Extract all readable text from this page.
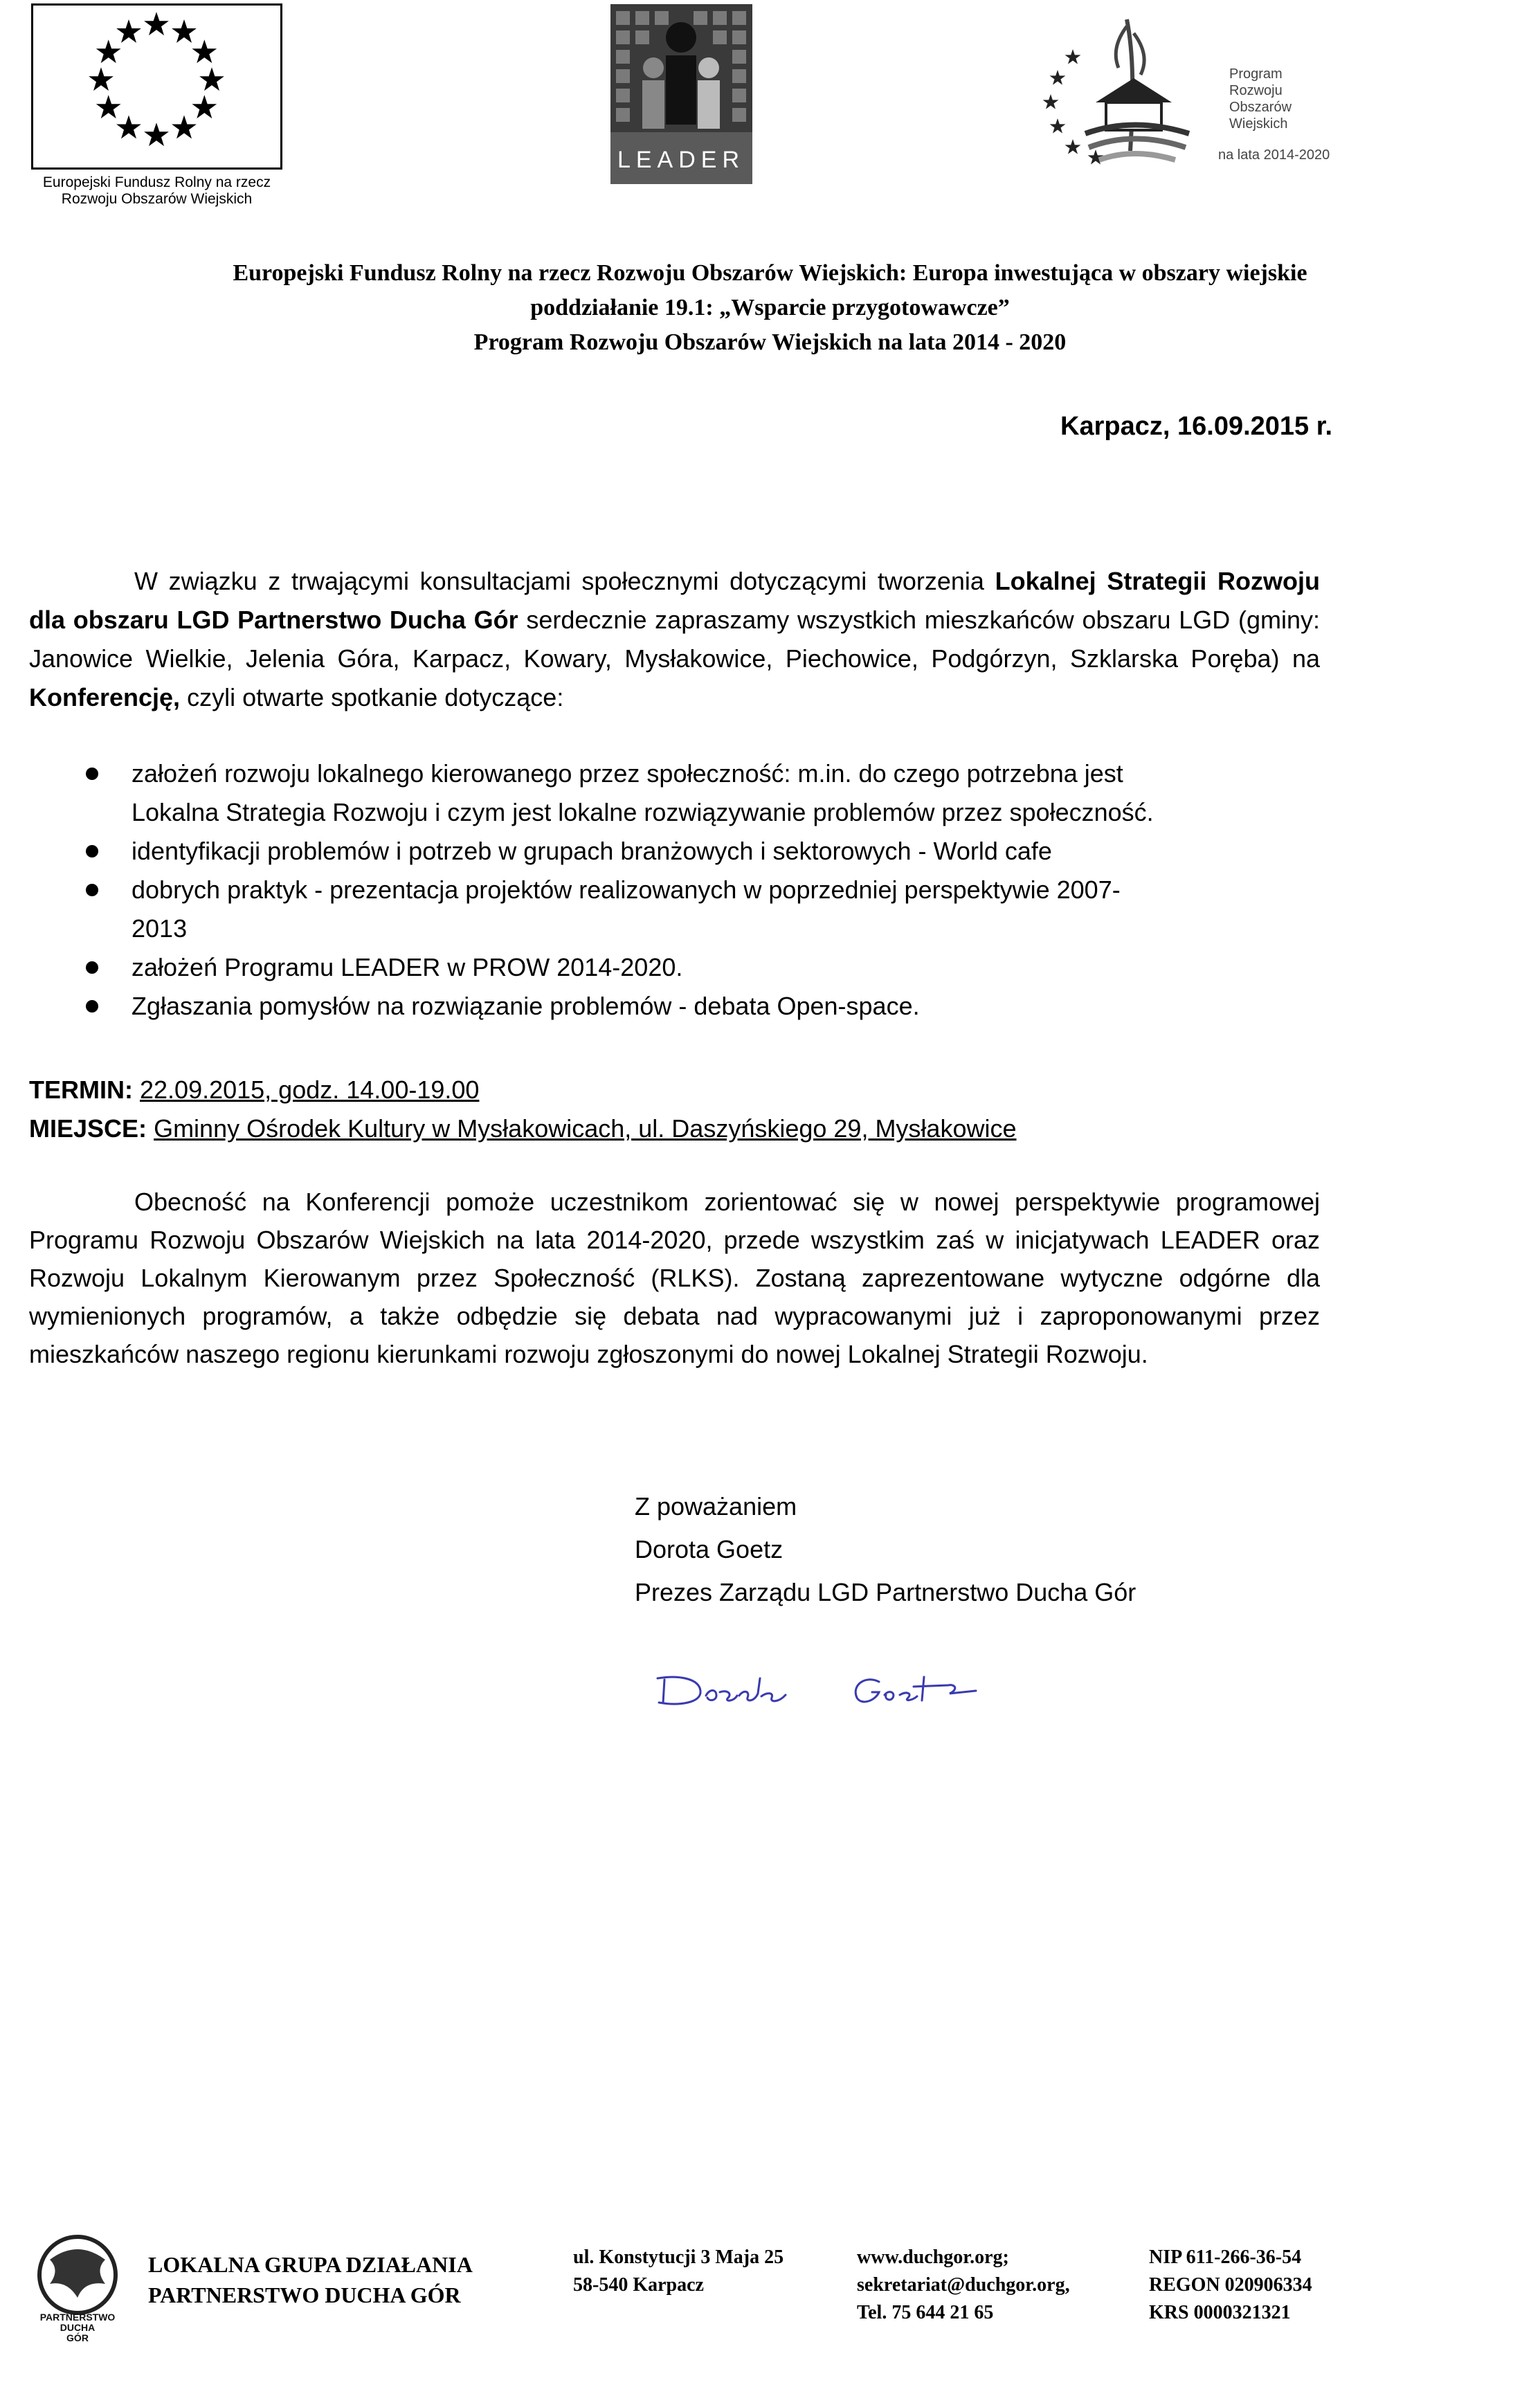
Europejski Fundusz Rolny na rzecz
Rozwoju Obszarów Wiejskich
LEADER
Program
Rozwoju
Obszarów
Wiejskich
na lata 2014-2020
Europejski Fundusz Rolny na rzecz Rozwoju Obszarów Wiejskich: Europa inwestująca w obszary wiejskie
poddziałanie 19.1: „Wsparcie przygotowawcze”
Program Rozwoju Obszarów Wiejskich na lata 2014 - 2020
Karpacz, 16.09.2015 r.
W związku z trwającymi konsultacjami społecznymi dotyczącymi tworzenia Lokalnej Strategii Rozwoju dla obszaru LGD Partnerstwo Ducha Gór serdecznie zapraszamy wszystkich mieszkańców obszaru LGD (gminy: Janowice Wielkie, Jelenia Góra, Karpacz, Kowary, Mysłakowice, Piechowice, Podgórzyn, Szklarska Poręba) na Konferencję, czyli otwarte spotkanie dotyczące:
założeń rozwoju lokalnego kierowanego przez społeczność: m.in. do czego potrzebna jest
Lokalna Strategia Rozwoju i czym jest lokalne rozwiązywanie problemów przez społeczność.
identyfikacji problemów i potrzeb w grupach branżowych i sektorowych - World cafe
dobrych praktyk - prezentacja projektów realizowanych w poprzedniej perspektywie 2007-
2013
założeń Programu LEADER w PROW 2014-2020.
Zgłaszania pomysłów na rozwiązanie problemów - debata Open-space.
TERMIN: 22.09.2015, godz. 14.00-19.00
MIEJSCE: Gminny Ośrodek Kultury w Mysłakowicach, ul. Daszyńskiego 29, Mysłakowice
Obecność na Konferencji pomoże uczestnikom zorientować się w nowej perspektywie programowej Programu Rozwoju Obszarów Wiejskich na lata 2014-2020, przede wszystkim zaś w inicjatywach LEADER oraz Rozwoju Lokalnym Kierowanym przez Społeczność (RLKS). Zostaną zaprezentowane wytyczne odgórne dla wymienionych programów, a także odbędzie się debata nad wypracowanymi już i zaproponowanymi przez mieszkańców naszego regionu kierunkami rozwoju zgłoszonymi do nowej Lokalnej Strategii Rozwoju.
Z poważaniem
Dorota Goetz
Prezes Zarządu LGD Partnerstwo Ducha Gór
PARTNERSTWO
DUCHA
GÓR
LOKALNA GRUPA DZIAŁANIA
PARTNERSTWO DUCHA GÓR
ul. Konstytucji 3 Maja 25
58-540 Karpacz
www.duchgor.org;
sekretariat@duchgor.org,
Tel. 75 644 21 65
NIP 611-266-36-54
REGON 020906334
KRS 0000321321
